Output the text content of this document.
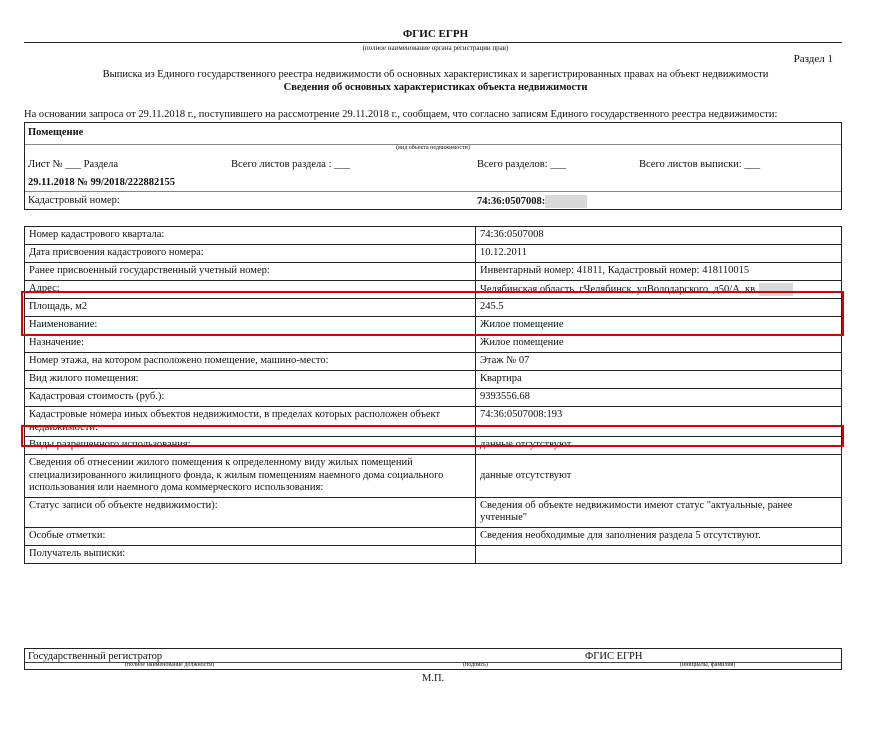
ФГИС ЕГРН
(полное наименование органа регистрации прав)
Раздел 1
Выписка из Единого государственного реестра недвижимости об основных характеристиках и зарегистрированных правах на объект недвижимости
Сведения об основных характеристиках объекта недвижимости
На основании запроса от 29.11.2018 г., поступившего на рассмотрение 29.11.2018 г., сообщаем, что согласно записям Единого государственного реестра недвижимости:
Помещение
(вид объекта недвижимости)
Лист № ___ Раздела	Всего листов раздела : ___	Всего разделов: ___	Всего листов выписки: ___
29.11.2018 № 99/2018/222882155
Кадастровый номер:	74:36:0507008:
Номер кадастрового квартала:	74:36:0507008
Дата присвоения кадастрового номера:	10.12.2011
Ранее присвоенный государственный учетный номер:	Инвентарный номер: 41811, Кадастровый номер: 418110015
Адрес:	Челябинская область, гЧелябинск, улВолодарского, д50/А, кв
Площадь, м2	245.5
Наименование:	Жилое помещение
Назначение:	Жилое помещение
Номер этажа, на котором расположено помещение, машино-место:	Этаж № 07
Вид жилого помещения:	Квартира
Кадастровая стоимость (руб.):	9393556.68
Кадастровые номера иных объектов недвижимости, в пределах которых расположен объект недвижимости:	74:36:0507008:193
Виды разрешенного использования:	данные отсутствуют
Сведения об отнесении жилого помещения к определенному виду жилых помещений специализированного жилищного фонда, к жилым помещениям наемного дома социального использования или наемного дома коммерческого использования:	данные отсутствуют
Статус записи об объекте недвижимости):	Сведения об объекте недвижимости имеют статус "актуальные, ранее учтенные"
Особые отметки:	Сведения необходимые для заполнения раздела 5 отсутствуют.
Получатель выписки:	
Государственный регистратор	ФГИС ЕГРН
(полное наименование должности)	(подпись)	(инициалы, фамилия)
М.П.
